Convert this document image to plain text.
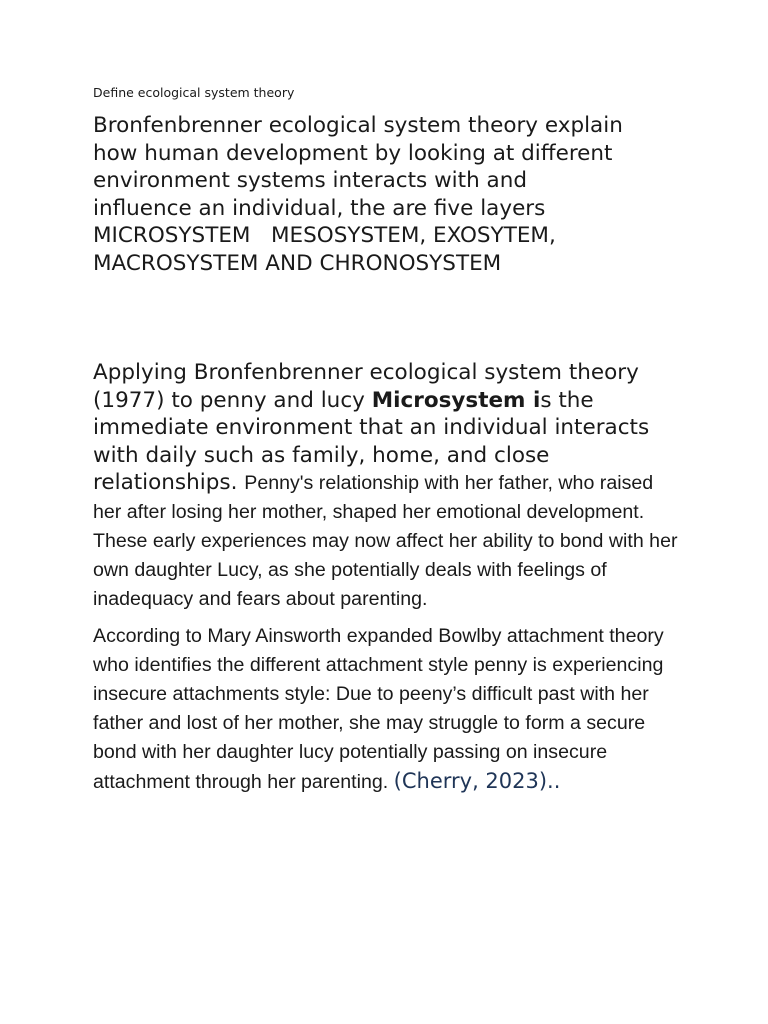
Define ecological system theory

Bronfenbrenner ecological system theory explain
how human development by looking at different
environment systems interacts with and
influence an individual, the are five layers
MICROSYSTEM MESOSYSTEM, EXOSYTEM,
MACROSYSTEM AND CHRONOSYSTEM

Applying Bronfenbrenner ecological system theory (1977) to penny and lucy Microsystem is the immediate environment that an individual interacts with daily such as family, home, and close relationships. Penny's relationship with her father, who raised her after losing her mother, shaped her emotional development. These early experiences may now affect her ability to bond with her own daughter Lucy, as she potentially deals with feelings of inadequacy and fears about parenting.

According to Mary Ainsworth expanded Bowlby attachment theory who identifies the different attachment style penny is experiencing insecure attachments style: Due to peeny’s difficult past with her father and lost of her mother, she may struggle to form a secure bond with her daughter lucy potentially passing on insecure attachment through her parenting. (Cherry, 2023)..
